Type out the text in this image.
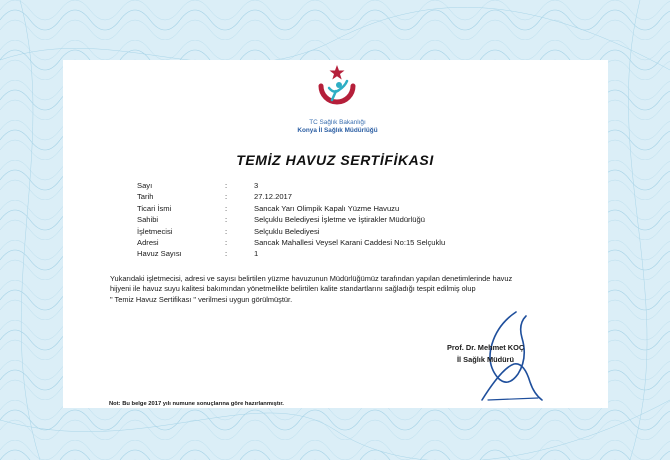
TC Sağlık Bakanlığı
Konya İl Sağlık Müdürlüğü
TEMİZ HAVUZ SERTİFİKASI
Sayı	:	3
Tarih	:	27.12.2017
Ticari İsmi	:	Sancak Yarı Olimpik Kapalı Yüzme Havuzu
Sahibi	:	Selçuklu Belediyesi İşletme ve İştirakler Müdürlüğü
İşletmecisi	:	Selçuklu Belediyesi
Adresi	:	Sancak Mahallesi Veysel Karani Caddesi No:15 Selçuklu
Havuz Sayısı	:	1
Yukarıdaki işletmecisi, adresi ve sayısı belirtilen yüzme havuzunun Müdürlüğümüz tarafından yapılan denetimlerinde havuz
hijyeni ile havuz suyu kalitesi bakımından yönetmelikte belirtilen kalite standartlarını sağladığı tespit edilmiş olup
" Temiz Havuz Sertifikası " verilmesi uygun görülmüştür.
Prof. Dr. Mehmet KOÇ
İl Sağlık Müdürü
Not: Bu belge 2017 yılı numune sonuçlarına göre hazırlanmıştır.
